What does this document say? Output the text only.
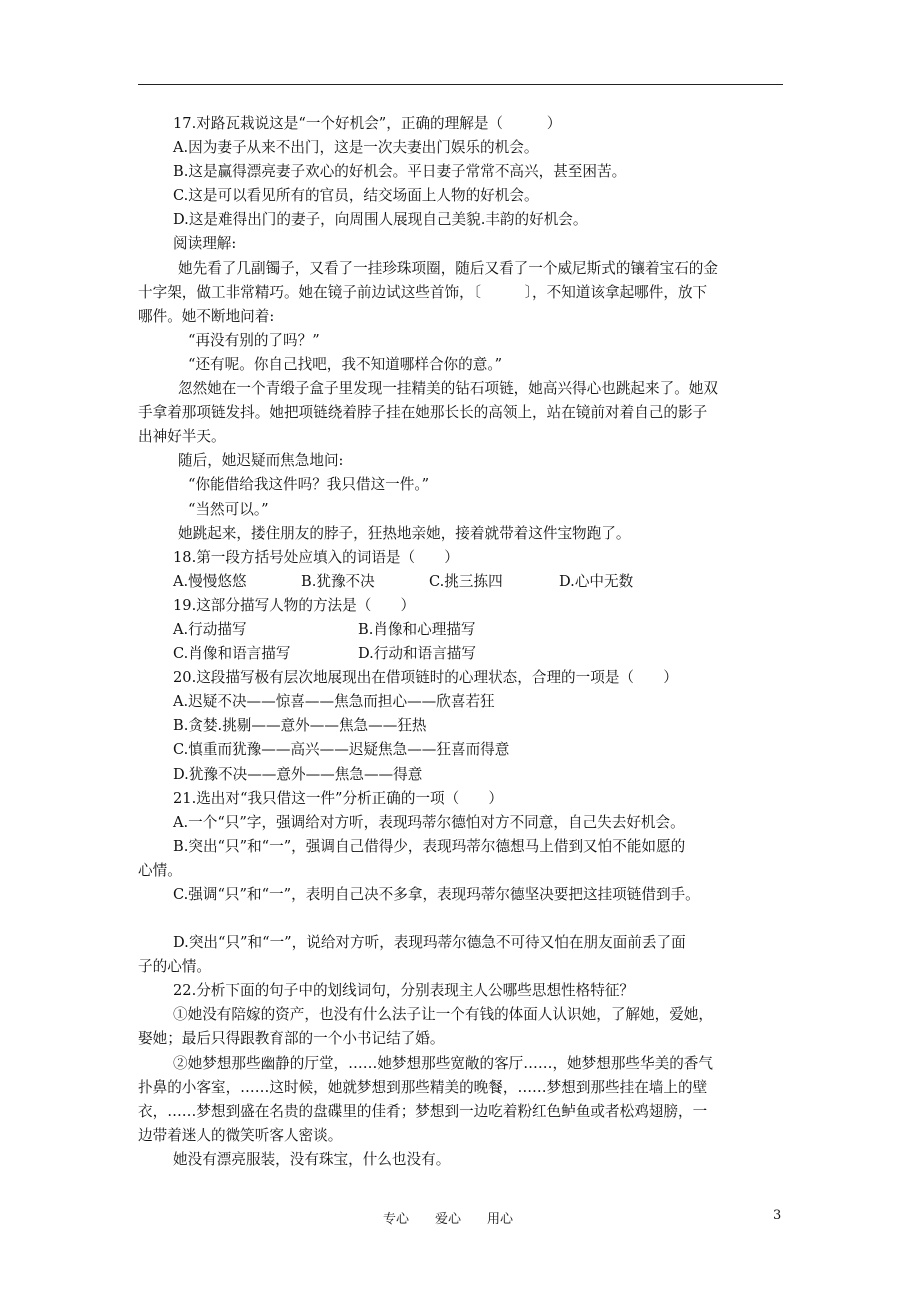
17.对路瓦栽说这是“一个好机会”，正确的理解是（　　　）
A.因为妻子从来不出门，这是一次夫妻出门娱乐的机会。
B.这是赢得漂亮妻子欢心的好机会。平日妻子常常不高兴，甚至困苦。
C.这是可以看见所有的官员，结交场面上人物的好机会。
D.这是难得出门的妻子，向周围人展现自己美貌.丰韵的好机会。
阅读理解:
她先看了几副镯子，又看了一挂珍珠项圈，随后又看了一个威尼斯式的镶着宝石的金
十字架，做工非常精巧。她在镜子前边试这些首饰，〔　　　〕，不知道该拿起哪件，放下
哪件。她不断地问着:
“再没有别的了吗？”
“还有呢。你自己找吧，我不知道哪样合你的意。”
忽然她在一个青缎子盒子里发现一挂精美的钻石项链，她高兴得心也跳起来了。她双
手拿着那项链发抖。她把项链绕着脖子挂在她那长长的高领上，站在镜前对着自己的影子
出神好半天。
随后，她迟疑而焦急地问:
“你能借给我这件吗？我只借这一件。”
“当然可以。”
她跳起来，搂住朋友的脖子，狂热地亲她，接着就带着这件宝物跑了。
18.第一段方括号处应填入的词语是（　　）
A.慢慢悠悠	B.犹豫不决	C.挑三拣四	D.心中无数
19.这部分描写人物的方法是（　　）
A.行动描写	B.肖像和心理描写
C.肖像和语言描写	D.行动和语言描写
20.这段描写极有层次地展现出在借项链时的心理状态，合理的一项是（　　）
A.迟疑不决——惊喜——焦急而担心——欣喜若狂
B.贪婪.挑剔——意外——焦急——狂热
C.慎重而犹豫——高兴——迟疑焦急——狂喜而得意
D.犹豫不决——意外——焦急——得意
21.选出对“我只借这一件”分析正确的一项（　　）
A.一个“只”字，强调给对方听，表现玛蒂尔德怕对方不同意，自己失去好机会。
B.突出“只”和“一”，强调自己借得少，表现玛蒂尔德想马上借到又怕不能如愿的
心情。
C.强调“只”和“一”，表明自己决不多拿，表现玛蒂尔德坚决要把这挂项链借到手。
D.突出“只”和“一”，说给对方听，表现玛蒂尔德急不可待又怕在朋友面前丢了面
子的心情。
22.分析下面的句子中的划线词句，分别表现主人公哪些思想性格特征？
①她没有陪嫁的资产，也没有什么法子让一个有钱的体面人认识她，了解她，爱她，
娶她；最后只得跟教育部的一个小书记结了婚。
②她梦想那些幽静的厅堂，……她梦想那些宽敞的客厅……，她梦想那些华美的香气
扑鼻的小客室，……这时候，她就梦想到那些精美的晚餐，……梦想到那些挂在墙上的壁
衣，……梦想到盛在名贵的盘碟里的佳肴；梦想到一边吃着粉红色鲈鱼或者松鸡翅膀，一
边带着迷人的微笑听客人密谈。
她没有漂亮服装，没有珠宝，什么也没有。
专心　　爱心　　用心	3
